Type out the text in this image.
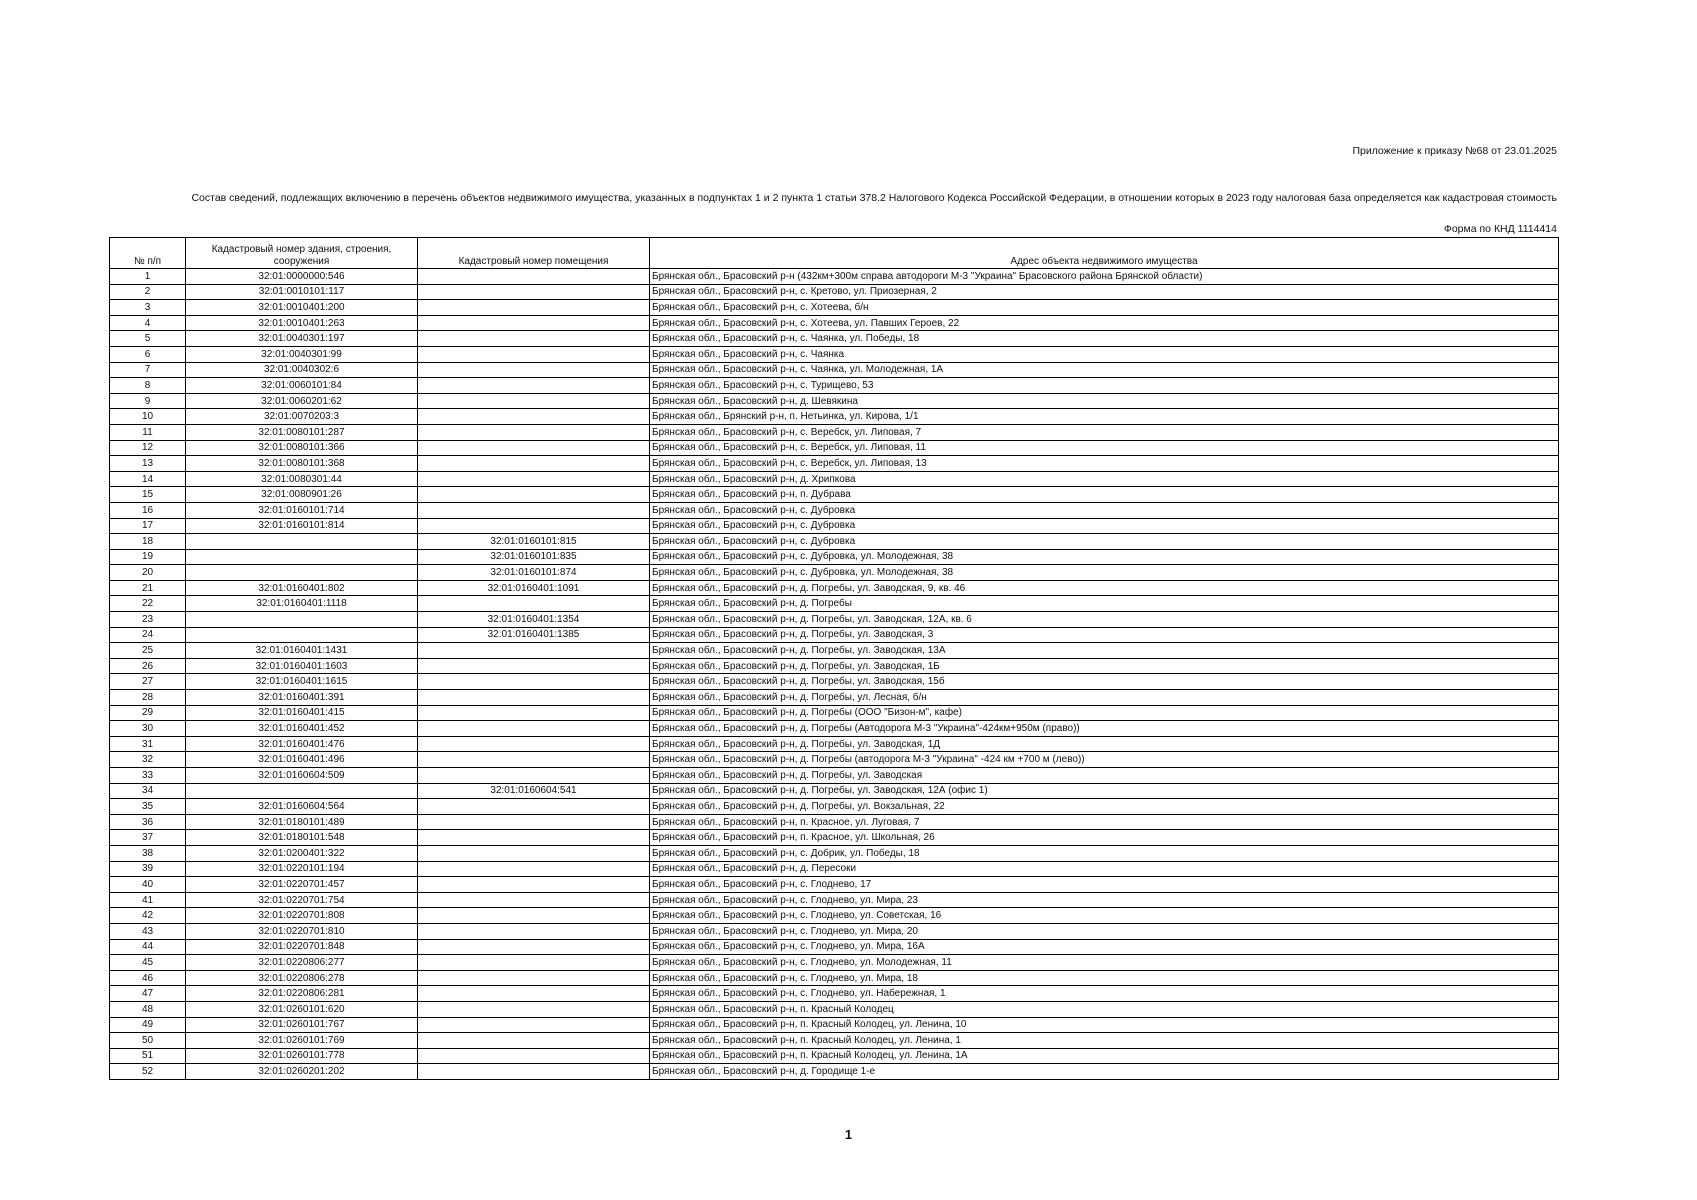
Приложение к приказу №68 от 23.01.2025
Состав сведений, подлежащих включению в перечень объектов недвижимого имущества, указанных в подпунктах 1 и 2 пункта 1 статьи 378.2 Налогового Кодекса Российской Федерации, в отношении которых в 2023 году налоговая база определяется как кадастровая стоимость
Форма по КНД 1114414
№ п/п	Кадастровый номер здания, строения, сооружения	Кадастровый номер помещения	Адрес объекта недвижимого имущества
1	32:01:0000000:546		Брянская обл., Брасовский р-н (432км+300м справа автодороги М-3 "Украина" Брасовского района Брянской области)
2	32:01:0010101:117		Брянская обл., Брасовский р-н, с. Кретово, ул. Приозерная, 2
3	32:01:0010401:200		Брянская обл., Брасовский р-н, с. Хотеева, б/н
4	32:01:0010401:263		Брянская обл., Брасовский р-н, с. Хотеева, ул. Павших Героев, 22
5	32:01:0040301:197		Брянская обл., Брасовский р-н, с. Чаянка, ул. Победы, 18
6	32:01:0040301:99		Брянская обл., Брасовский р-н, с. Чаянка
7	32:01:0040302:6		Брянская обл., Брасовский р-н, с. Чаянка, ул. Молодежная, 1А
8	32:01:0060101:84		Брянская обл., Брасовский р-н, с. Турищево, 53
9	32:01:0060201:62		Брянская обл., Брасовский р-н, д. Шевякина
10	32:01:0070203:3		Брянская обл., Брянский р-н, п. Нетьинка, ул. Кирова, 1/1
11	32:01:0080101:287		Брянская обл., Брасовский р-н, с. Веребск, ул. Липовая, 7
12	32:01:0080101:366		Брянская обл., Брасовский р-н, с. Веребск, ул. Липовая, 11
13	32:01:0080101:368		Брянская обл., Брасовский р-н, с. Веребск, ул. Липовая, 13
14	32:01:0080301:44		Брянская обл., Брасовский р-н, д. Хрипкова
15	32:01:0080901:26		Брянская обл., Брасовский р-н, п. Дубрава
16	32:01:0160101:714		Брянская обл., Брасовский р-н, с. Дубровка
17	32:01:0160101:814		Брянская обл., Брасовский р-н, с. Дубровка
18		32:01:0160101:815	Брянская обл., Брасовский р-н, с. Дубровка
19		32:01:0160101:835	Брянская обл., Брасовский р-н, с. Дубровка, ул. Молодежная, 38
20		32:01:0160101:874	Брянская обл., Брасовский р-н, с. Дубровка, ул. Молодежная, 38
21	32:01:0160401:802	32:01:0160401:1091	Брянская обл., Брасовский р-н, д. Погребы, ул. Заводская, 9, кв. 46
22	32:01:0160401:1118		Брянская обл., Брасовский р-н, д. Погребы
23		32:01:0160401:1354	Брянская обл., Брасовский р-н, д. Погребы, ул. Заводская, 12А, кв. 6
24		32:01:0160401:1385	Брянская обл., Брасовский р-н, д. Погребы, ул. Заводская, 3
25	32:01:0160401:1431		Брянская обл., Брасовский р-н, д. Погребы, ул. Заводская, 13А
26	32:01:0160401:1603		Брянская обл., Брасовский р-н, д. Погребы, ул. Заводская, 1Б
27	32:01:0160401:1615		Брянская обл., Брасовский р-н, д. Погребы, ул. Заводская, 15б
28	32:01:0160401:391		Брянская обл., Брасовский р-н, д. Погребы, ул. Лесная, б/н
29	32:01:0160401:415		Брянская обл., Брасовский р-н, д. Погребы (ООО "Бизон-м", кафе)
30	32:01:0160401:452		Брянская обл., Брасовский р-н, д. Погребы (Автодорога М-3 "Украина"-424км+950м (право))
31	32:01:0160401:476		Брянская обл., Брасовский р-н, д. Погребы, ул. Заводская, 1Д
32	32:01:0160401:496		Брянская обл., Брасовский р-н, д. Погребы (автодорога М-3 "Украина" -424 км +700 м (лево))
33	32:01:0160604:509		Брянская обл., Брасовский р-н, д. Погребы, ул. Заводская
34		32:01:0160604:541	Брянская обл., Брасовский р-н, д. Погребы, ул. Заводская, 12А (офис 1)
35	32:01:0160604:564		Брянская обл., Брасовский р-н, д. Погребы, ул. Вокзальная, 22
36	32:01:0180101:489		Брянская обл., Брасовский р-н, п. Красное, ул. Луговая, 7
37	32:01:0180101:548		Брянская обл., Брасовский р-н, п. Красное, ул. Школьная, 26
38	32:01:0200401:322		Брянская обл., Брасовский р-н, с. Добрик, ул. Победы, 18
39	32:01:0220101:194		Брянская обл., Брасовский р-н, д. Пересоки
40	32:01:0220701:457		Брянская обл., Брасовский р-н, с. Глоднево, 17
41	32:01:0220701:754		Брянская обл., Брасовский р-н, с. Глоднево, ул. Мира, 23
42	32:01:0220701:808		Брянская обл., Брасовский р-н, с. Глоднево, ул. Советская, 16
43	32:01:0220701:810		Брянская обл., Брасовский р-н, с. Глоднево, ул. Мира, 20
44	32:01:0220701:848		Брянская обл., Брасовский р-н, с. Глоднево, ул. Мира, 16А
45	32:01:0220806:277		Брянская обл., Брасовский р-н, с. Глоднево, ул. Молодежная, 11
46	32:01:0220806:278		Брянская обл., Брасовский р-н, с. Глоднево, ул. Мира, 18
47	32:01:0220806:281		Брянская обл., Брасовский р-н, с. Глоднево, ул. Набережная, 1
48	32:01:0260101:620		Брянская обл., Брасовский р-н, п. Красный Колодец
49	32:01:0260101:767		Брянская обл., Брасовский р-н, п. Красный Колодец, ул. Ленина, 10
50	32:01:0260101:769		Брянская обл., Брасовский р-н, п. Красный Колодец, ул. Ленина, 1
51	32:01:0260101:778		Брянская обл., Брасовский р-н, п. Красный Колодец, ул. Ленина, 1А
52	32:01:0260201:202		Брянская обл., Брасовский р-н, д. Городище 1-е
1
